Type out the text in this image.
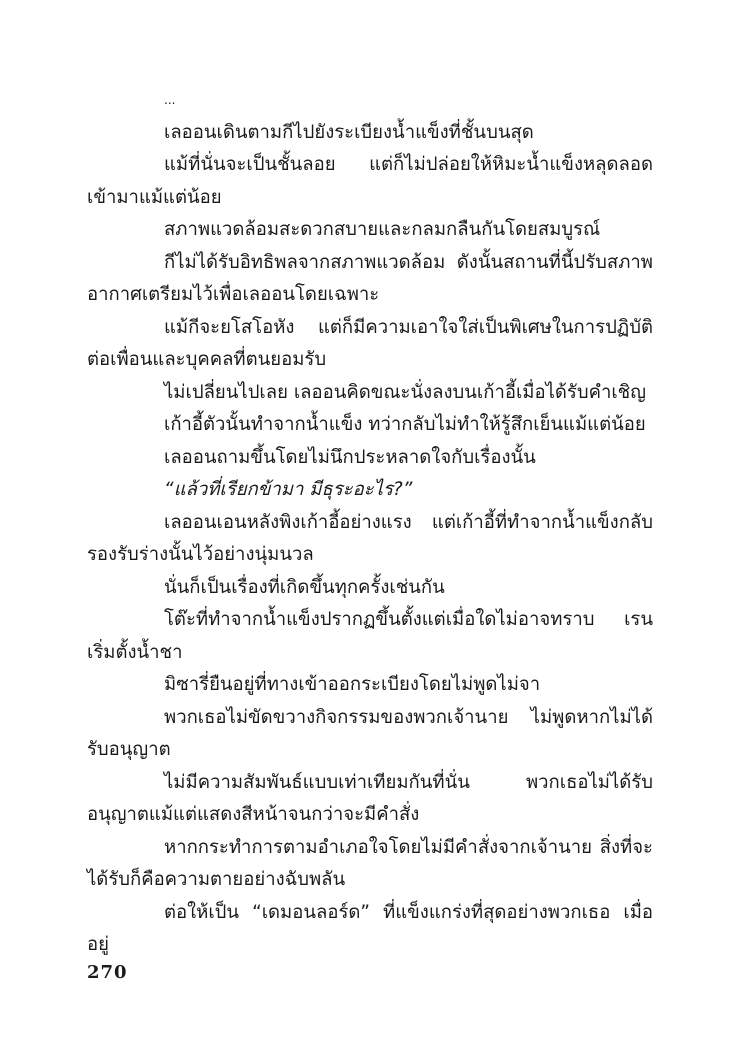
...

เลออนเดินตามกีไปยังระเบียงน้ำแข็งที่ชั้นบนสุด

แม้ที่นั่นจะเป็นชั้นลอย แต่ก็ไม่ปล่อยให้หิมะน้ำแข็งหลุดลอดเข้ามาแม้แต่น้อย

สภาพแวดล้อมสะดวกสบายและกลมกลืนกันโดยสมบูรณ์

กีไม่ได้รับอิทธิพลจากสภาพแวดล้อม ดังนั้นสถานที่นี้ปรับสภาพอากาศเตรียมไว้เพื่อเลออนโดยเฉพาะ

แม้กีจะยโสโอหัง แต่ก็มีความเอาใจใส่เป็นพิเศษในการปฏิบัติต่อเพื่อนและบุคคลที่ตนยอมรับ

ไม่เปลี่ยนไปเลย เลออนคิดขณะนั่งลงบนเก้าอี้เมื่อได้รับคำเชิญ

เก้าอี้ตัวนั้นทำจากน้ำแข็ง ทว่ากลับไม่ทำให้รู้สึกเย็นแม้แต่น้อย

เลออนถามขึ้นโดยไม่นึกประหลาดใจกับเรื่องนั้น

“แล้วที่เรียกข้ามา มีธุระอะไร?”

เลออนเอนหลังพิงเก้าอี้อย่างแรง แต่เก้าอี้ที่ทำจากน้ำแข็งกลับรองรับร่างนั้นไว้อย่างนุ่มนวล

นั่นก็เป็นเรื่องที่เกิดขึ้นทุกครั้งเช่นกัน

โต๊ะที่ทำจากน้ำแข็งปรากฏขึ้นตั้งแต่เมื่อใดไม่อาจทราบ เรนเริ่มตั้งน้ำชา

มิซารี่ยืนอยู่ที่ทางเข้าออกระเบียงโดยไม่พูดไม่จา

พวกเธอไม่ขัดขวางกิจกรรมของพวกเจ้านาย ไม่พูดหากไม่ได้รับอนุญาต

ไม่มีความสัมพันธ์แบบเท่าเทียมกันที่นั่น พวกเธอไม่ได้รับอนุญาตแม้แต่แสดงสีหน้าจนกว่าจะมีคำสั่ง

หากกระทำการตามอำเภอใจโดยไม่มีคำสั่งจากเจ้านาย สิ่งที่จะได้รับก็คือความตายอย่างฉับพลัน

ต่อให้เป็น “เดมอนลอร์ด” ที่แข็งแกร่งที่สุดอย่างพวกเธอ เมื่ออยู่

270
